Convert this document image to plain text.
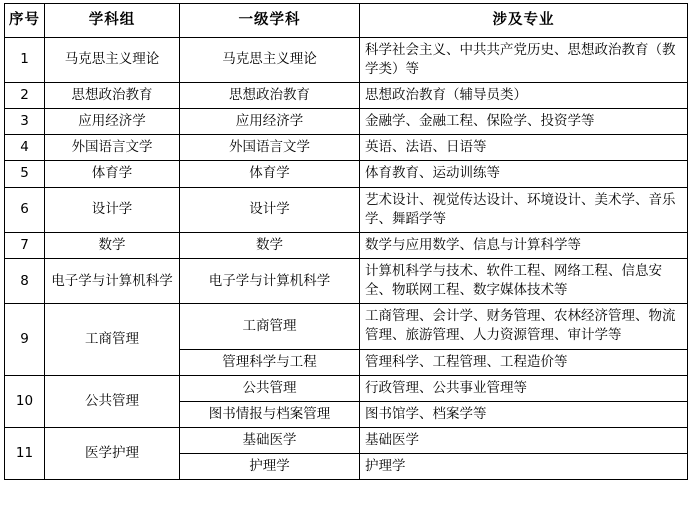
序号	学科组	一级学科	涉及专业
1	马克思主义理论	马克思主义理论	科学社会主义、中共共产党历史、思想政治教育（教学类）等
2	思想政治教育	思想政治教育	思想政治教育（辅导员类）
3	应用经济学	应用经济学	金融学、金融工程、保险学、投资学等
4	外国语言文学	外国语言文学	英语、法语、日语等
5	体育学	体育学	体育教育、运动训练等
6	设计学	设计学	艺术设计、视觉传达设计、环境设计、美术学、音乐学、舞蹈学等
7	数学	数学	数学与应用数学、信息与计算科学等
8	电子学与计算机科学	电子学与计算机科学	计算机科学与技术、软件工程、网络工程、信息安全、物联网工程、数字媒体技术等
9	工商管理	工商管理	工商管理、会计学、财务管理、农林经济管理、物流管理、旅游管理、人力资源管理、审计学等
		管理科学与工程	管理科学、工程管理、工程造价等
10	公共管理	公共管理	行政管理、公共事业管理等
		图书情报与档案管理	图书馆学、档案学等
11	医学护理	基础医学	基础医学
		护理学	护理学
